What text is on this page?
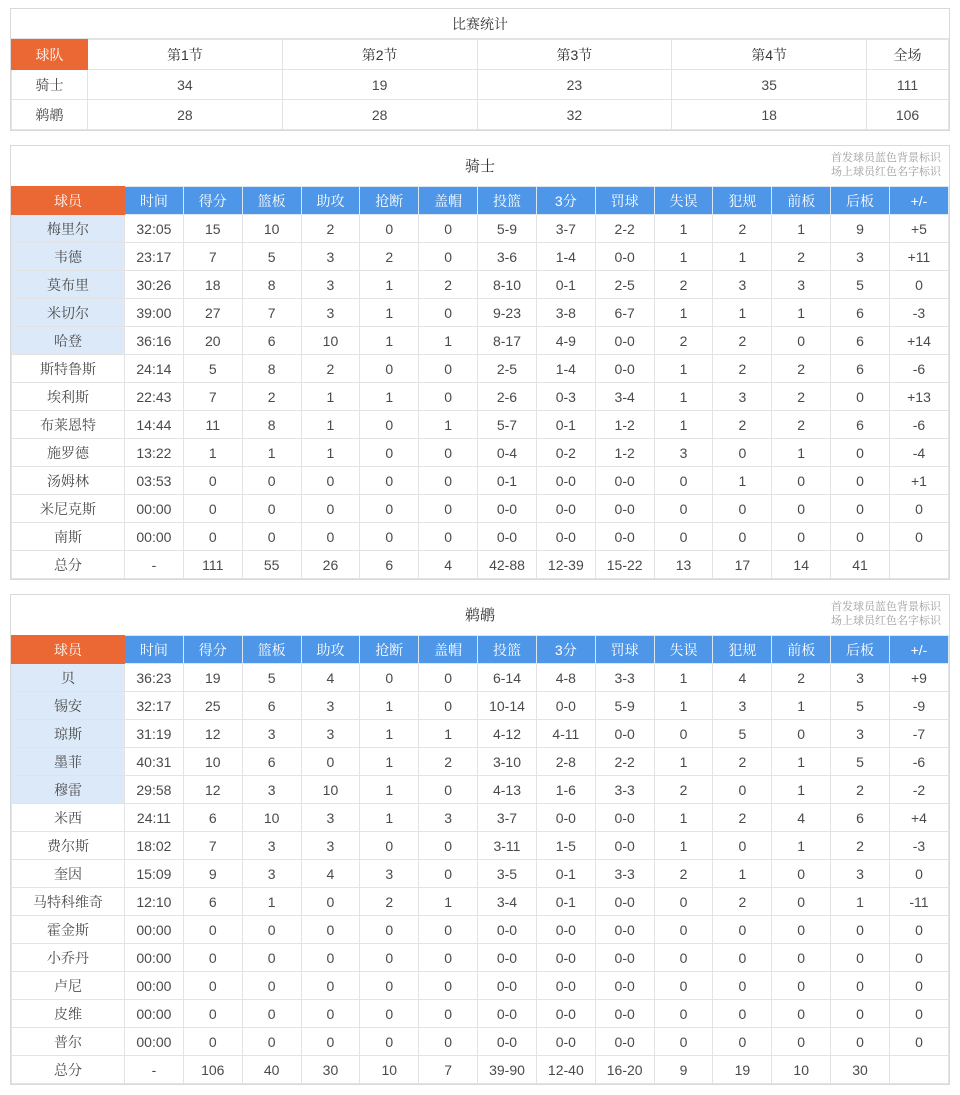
比赛统计
球队	第1节	第2节	第3节	第4节	全场
骑士	34	19	23	35	111
鹈鹕	28	28	32	18	106
骑士	首发球员蓝色背景标识
场上球员红色名字标识
球员	时间	得分	篮板	助攻	抢断	盖帽	投篮	3分	罚球	失误	犯规	前板	后板	+/-
梅里尔	32:05	15	10	2	0	0	5-9	3-7	2-2	1	2	1	9	+5
韦德	23:17	7	5	3	2	0	3-6	1-4	0-0	1	1	2	3	+11
莫布里	30:26	18	8	3	1	2	8-10	0-1	2-5	2	3	3	5	0
米切尔	39:00	27	7	3	1	0	9-23	3-8	6-7	1	1	1	6	-3
哈登	36:16	20	6	10	1	1	8-17	4-9	0-0	2	2	0	6	+14
斯特鲁斯	24:14	5	8	2	0	0	2-5	1-4	0-0	1	2	2	6	-6
埃利斯	22:43	7	2	1	1	0	2-6	0-3	3-4	1	3	2	0	+13
布莱恩特	14:44	11	8	1	0	1	5-7	0-1	1-2	1	2	2	6	-6
施罗德	13:22	1	1	1	0	0	0-4	0-2	1-2	3	0	1	0	-4
汤姆林	03:53	0	0	0	0	0	0-1	0-0	0-0	0	1	0	0	+1
米尼克斯	00:00	0	0	0	0	0	0-0	0-0	0-0	0	0	0	0	0
南斯	00:00	0	0	0	0	0	0-0	0-0	0-0	0	0	0	0	0
总分	-	111	55	26	6	4	42-88	12-39	15-22	13	17	14	41	
鹈鹕	首发球员蓝色背景标识
场上球员红色名字标识
球员	时间	得分	篮板	助攻	抢断	盖帽	投篮	3分	罚球	失误	犯规	前板	后板	+/-
贝	36:23	19	5	4	0	0	6-14	4-8	3-3	1	4	2	3	+9
锡安	32:17	25	6	3	1	0	10-14	0-0	5-9	1	3	1	5	-9
琼斯	31:19	12	3	3	1	1	4-12	4-11	0-0	0	5	0	3	-7
墨菲	40:31	10	6	0	1	2	3-10	2-8	2-2	1	2	1	5	-6
穆雷	29:58	12	3	10	1	0	4-13	1-6	3-3	2	0	1	2	-2
米西	24:11	6	10	3	1	3	3-7	0-0	0-0	1	2	4	6	+4
费尔斯	18:02	7	3	3	0	0	3-11	1-5	0-0	1	0	1	2	-3
奎因	15:09	9	3	4	3	0	3-5	0-1	3-3	2	1	0	3	0
马特科维奇	12:10	6	1	0	2	1	3-4	0-1	0-0	0	2	0	1	-11
霍金斯	00:00	0	0	0	0	0	0-0	0-0	0-0	0	0	0	0	0
小乔丹	00:00	0	0	0	0	0	0-0	0-0	0-0	0	0	0	0	0
卢尼	00:00	0	0	0	0	0	0-0	0-0	0-0	0	0	0	0	0
皮维	00:00	0	0	0	0	0	0-0	0-0	0-0	0	0	0	0	0
普尔	00:00	0	0	0	0	0	0-0	0-0	0-0	0	0	0	0	0
总分	-	106	40	30	10	7	39-90	12-40	16-20	9	19	10	30	
